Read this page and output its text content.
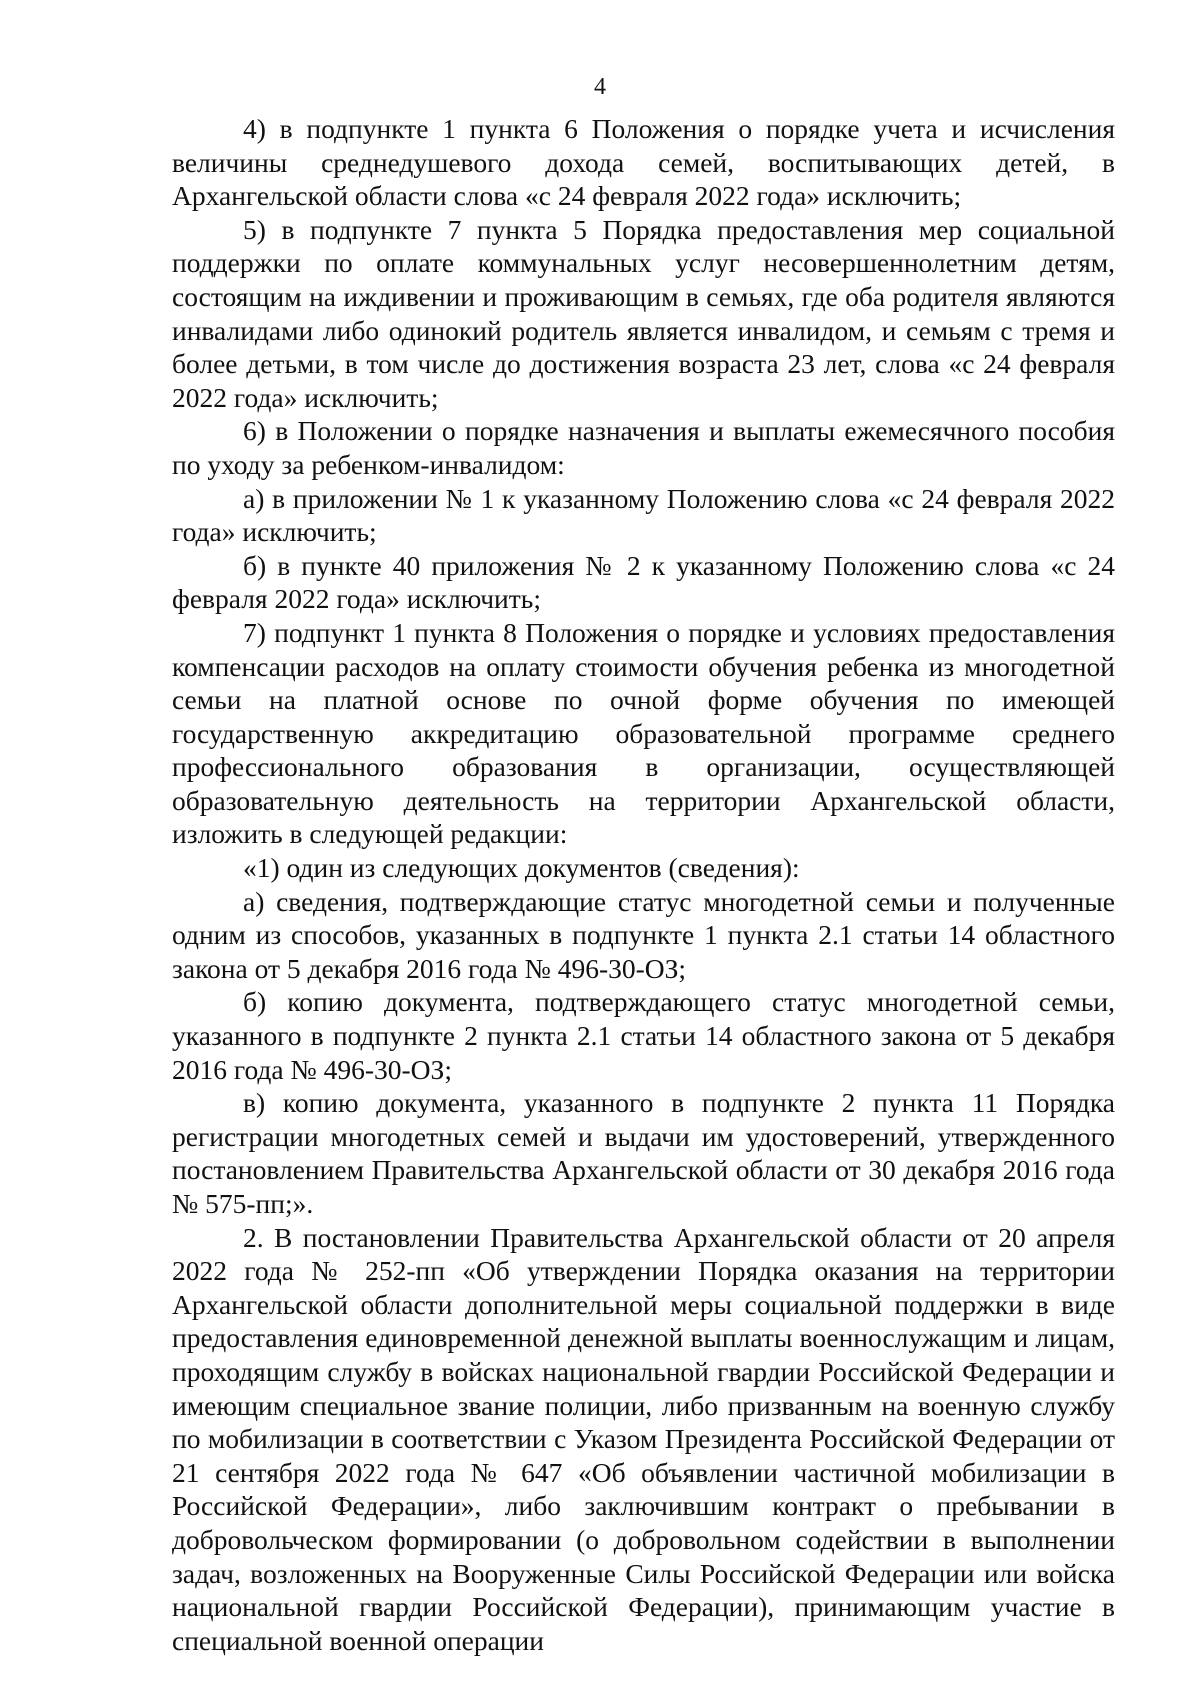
4

4) в подпункте 1 пункта 6 Положения о порядке учета и исчисления величины среднедушевого дохода семей, воспитывающих детей, в Архангельской области слова «с 24 февраля 2022 года» исключить;

5) в подпункте 7 пункта 5 Порядка предоставления мер социальной поддержки по оплате коммунальных услуг несовершеннолетним детям, состоящим на иждивении и проживающим в семьях, где оба родителя являются инвалидами либо одинокий родитель является инвалидом, и семьям с тремя и более детьми, в том числе до достижения возраста 23 лет, слова «с 24 февраля 2022 года» исключить;

6) в Положении о порядке назначения и выплаты ежемесячного пособия по уходу за ребенком-инвалидом:

а) в приложении № 1 к указанному Положению слова «с 24 февраля 2022 года» исключить;

б) в пункте 40 приложения № 2 к указанному Положению слова «с 24 февраля 2022 года» исключить;

7) подпункт 1 пункта 8 Положения о порядке и условиях предоставления компенсации расходов на оплату стоимости обучения ребенка из многодетной семьи на платной основе по очной форме обучения по имеющей государственную аккредитацию образовательной программе среднего профессионального образования в организации, осуществляющей образовательную деятельность на территории Архангельской области, изложить в следующей редакции:

«1) один из следующих документов (сведения):

а) сведения, подтверждающие статус многодетной семьи и полученные одним из способов, указанных в подпункте 1 пункта 2.1 статьи 14 областного закона от 5 декабря 2016 года № 496-30-ОЗ;

б) копию документа, подтверждающего статус многодетной семьи, указанного в подпункте 2 пункта 2.1 статьи 14 областного закона от 5 декабря 2016 года № 496-30-ОЗ;

в) копию документа, указанного в подпункте 2 пункта 11 Порядка регистрации многодетных семей и выдачи им удостоверений, утвержденного постановлением Правительства Архангельской области от 30 декабря 2016 года № 575-пп;».

2. В постановлении Правительства Архангельской области от 20 апреля 2022 года № 252-пп «Об утверждении Порядка оказания на территории Архангельской области дополнительной меры социальной поддержки в виде предоставления единовременной денежной выплаты военнослужащим и лицам, проходящим службу в войсках национальной гвардии Российской Федерации и имеющим специальное звание полиции, либо призванным на военную службу по мобилизации в соответствии с Указом Президента Российской Федерации от 21 сентября 2022 года № 647 «Об объявлении частичной мобилизации в Российской Федерации», либо заключившим контракт о пребывании в добровольческом формировании (о добровольном содействии в выполнении задач, возложенных на Вооруженные Силы Российской Федерации или войска национальной гвардии Российской Федерации), принимающим участие в специальной военной операции
